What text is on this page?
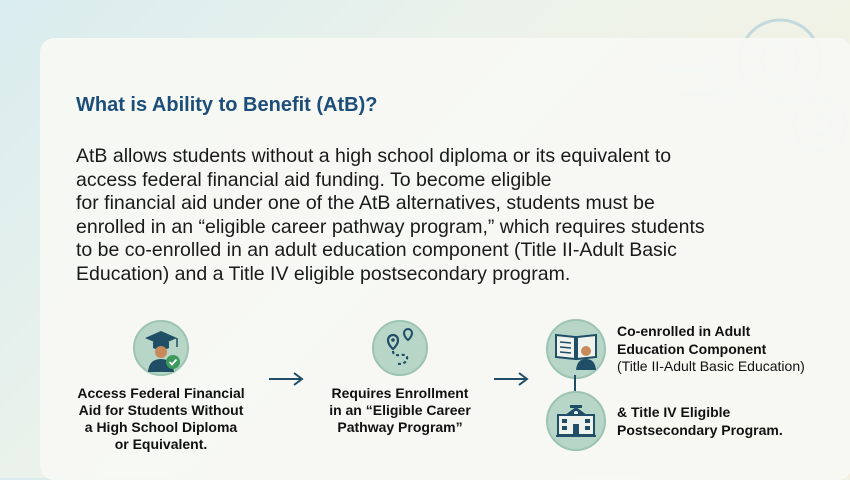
What is Ability to Benefit (AtB)?

AtB allows students without a high school diploma or its equivalent to
access federal financial aid funding. To become eligible
for financial aid under one of the AtB alternatives, students must be
enrolled in an “eligible career pathway program,” which requires students
to be co-enrolled in an adult education component (Title II-Adult Basic
Education) and a Title IV eligible postsecondary program.

Access Federal Financial
Aid for Students Without
a High School Diploma
or Equivalent.

Requires Enrollment
in an “Eligible Career
Pathway Program”

Co-enrolled in Adult
Education Component
(Title II-Adult Basic Education)

& Title IV Eligible
Postsecondary Program.
